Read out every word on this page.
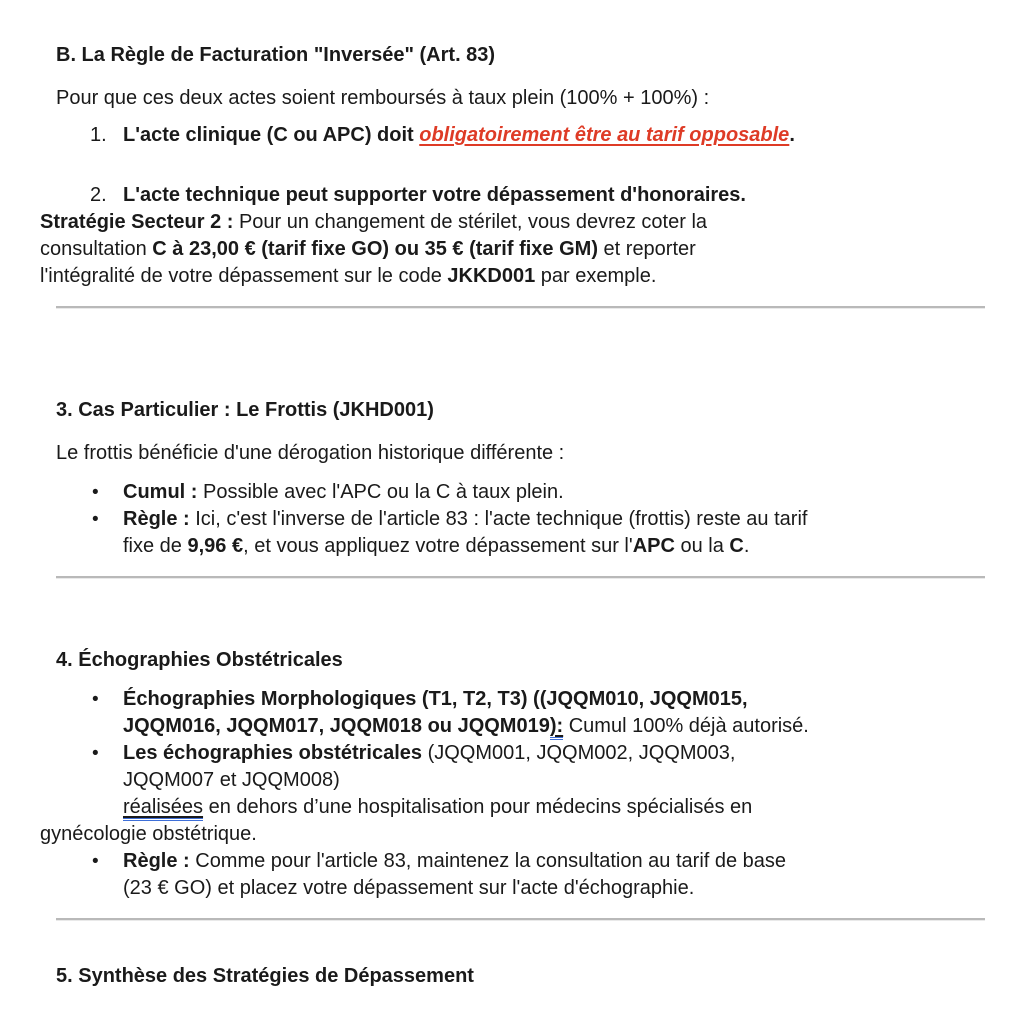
B. La Règle de Facturation "Inversée" (Art. 83)
Pour que ces deux actes soient remboursés à taux plein (100% + 100%) :
1. L'acte clinique (C ou APC) doit obligatoirement être au tarif opposable.
2. L'acte technique peut supporter votre dépassement d'honoraires.
Stratégie Secteur 2 : Pour un changement de stérilet, vous devrez coter la
consultation C à 23,00 € (tarif fixe GO) ou 35 € (tarif fixe GM) et reporter
l'intégralité de votre dépassement sur le code JKKD001 par exemple.
3. Cas Particulier : Le Frottis (JKHD001)
Le frottis bénéficie d'une dérogation historique différente :
•	Cumul : Possible avec l'APC ou la C à taux plein.
•	Règle : Ici, c'est l'inverse de l'article 83 : l'acte technique (frottis) reste au tarif
fixe de 9,96 €, et vous appliquez votre dépassement sur l'APC ou la C.
4. Échographies Obstétricales
•	Échographies Morphologiques (T1, T2, T3) ((JQQM010, JQQM015,
JQQM016, JQQM017, JQQM018 ou JQQM019): Cumul 100% déjà autorisé.
•	Les échographies obstétricales (JQQM001, JQQM002, JQQM003,
JQQM007 et JQQM008)
réalisées en dehors d’une hospitalisation pour médecins spécialisés en
gynécologie obstétrique.
•	Règle : Comme pour l'article 83, maintenez la consultation au tarif de base
(23 € GO) et placez votre dépassement sur l'acte d'échographie.
5. Synthèse des Stratégies de Dépassement
